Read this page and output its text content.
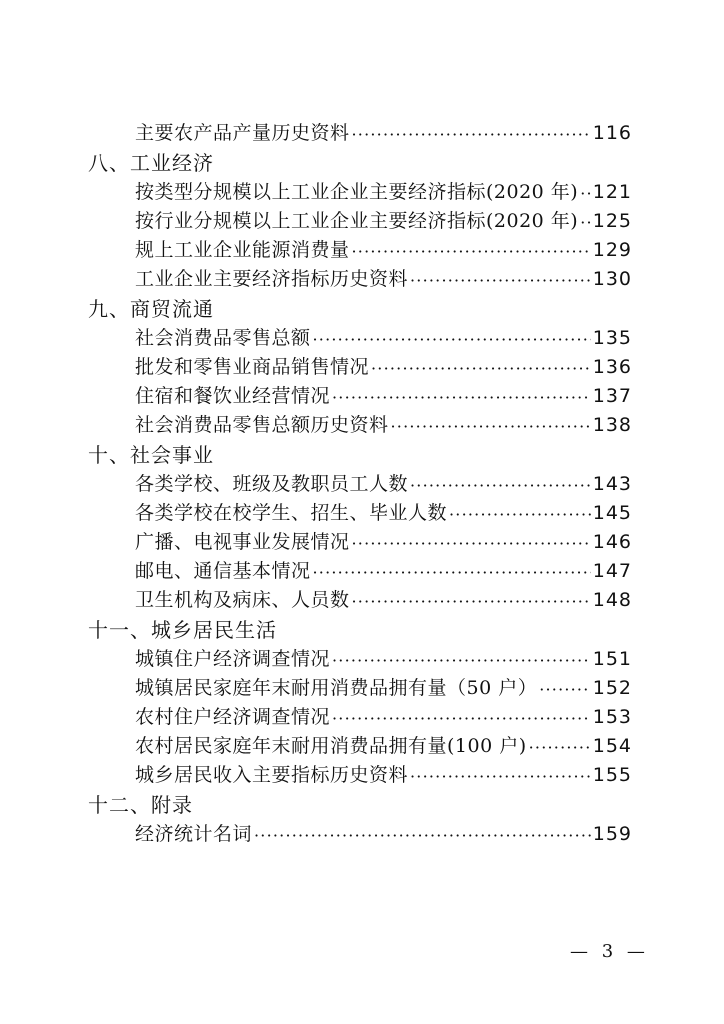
主要农产品产量历史资料 ·····	116
八、工业经济
按类型分规模以上工业企业主要经济指标(2020 年) ····· 121
按行业分规模以上工业企业主要经济指标(2020 年) ····· 125
规上工业企业能源消费量 ·····	129
工业企业主要经济指标历史资料 ·····	130
九、商贸流通
社会消费品零售总额 ·····	135
批发和零售业商品销售情况 ·····	136
住宿和餐饮业经营情况 ·····	137
社会消费品零售总额历史资料 ·····	138
十、社会事业
各类学校、班级及教职员工人数 ·····	143
各类学校在校学生、招生、毕业人数 ·····	145
广播、电视事业发展情况 ·····	146
邮电、通信基本情况 ·····	147
卫生机构及病床、人员数 ·····	148
十一、城乡居民生活
城镇住户经济调查情况 ·····	151
城镇居民家庭年末耐用消费品拥有量（50 户） ·····	152
农村住户经济调查情况 ·····	153
农村居民家庭年末耐用消费品拥有量(100 户) ·····	154
城乡居民收入主要指标历史资料 ·····	155
十二、附录
经济统计名词 ·····	159
— 3 —
